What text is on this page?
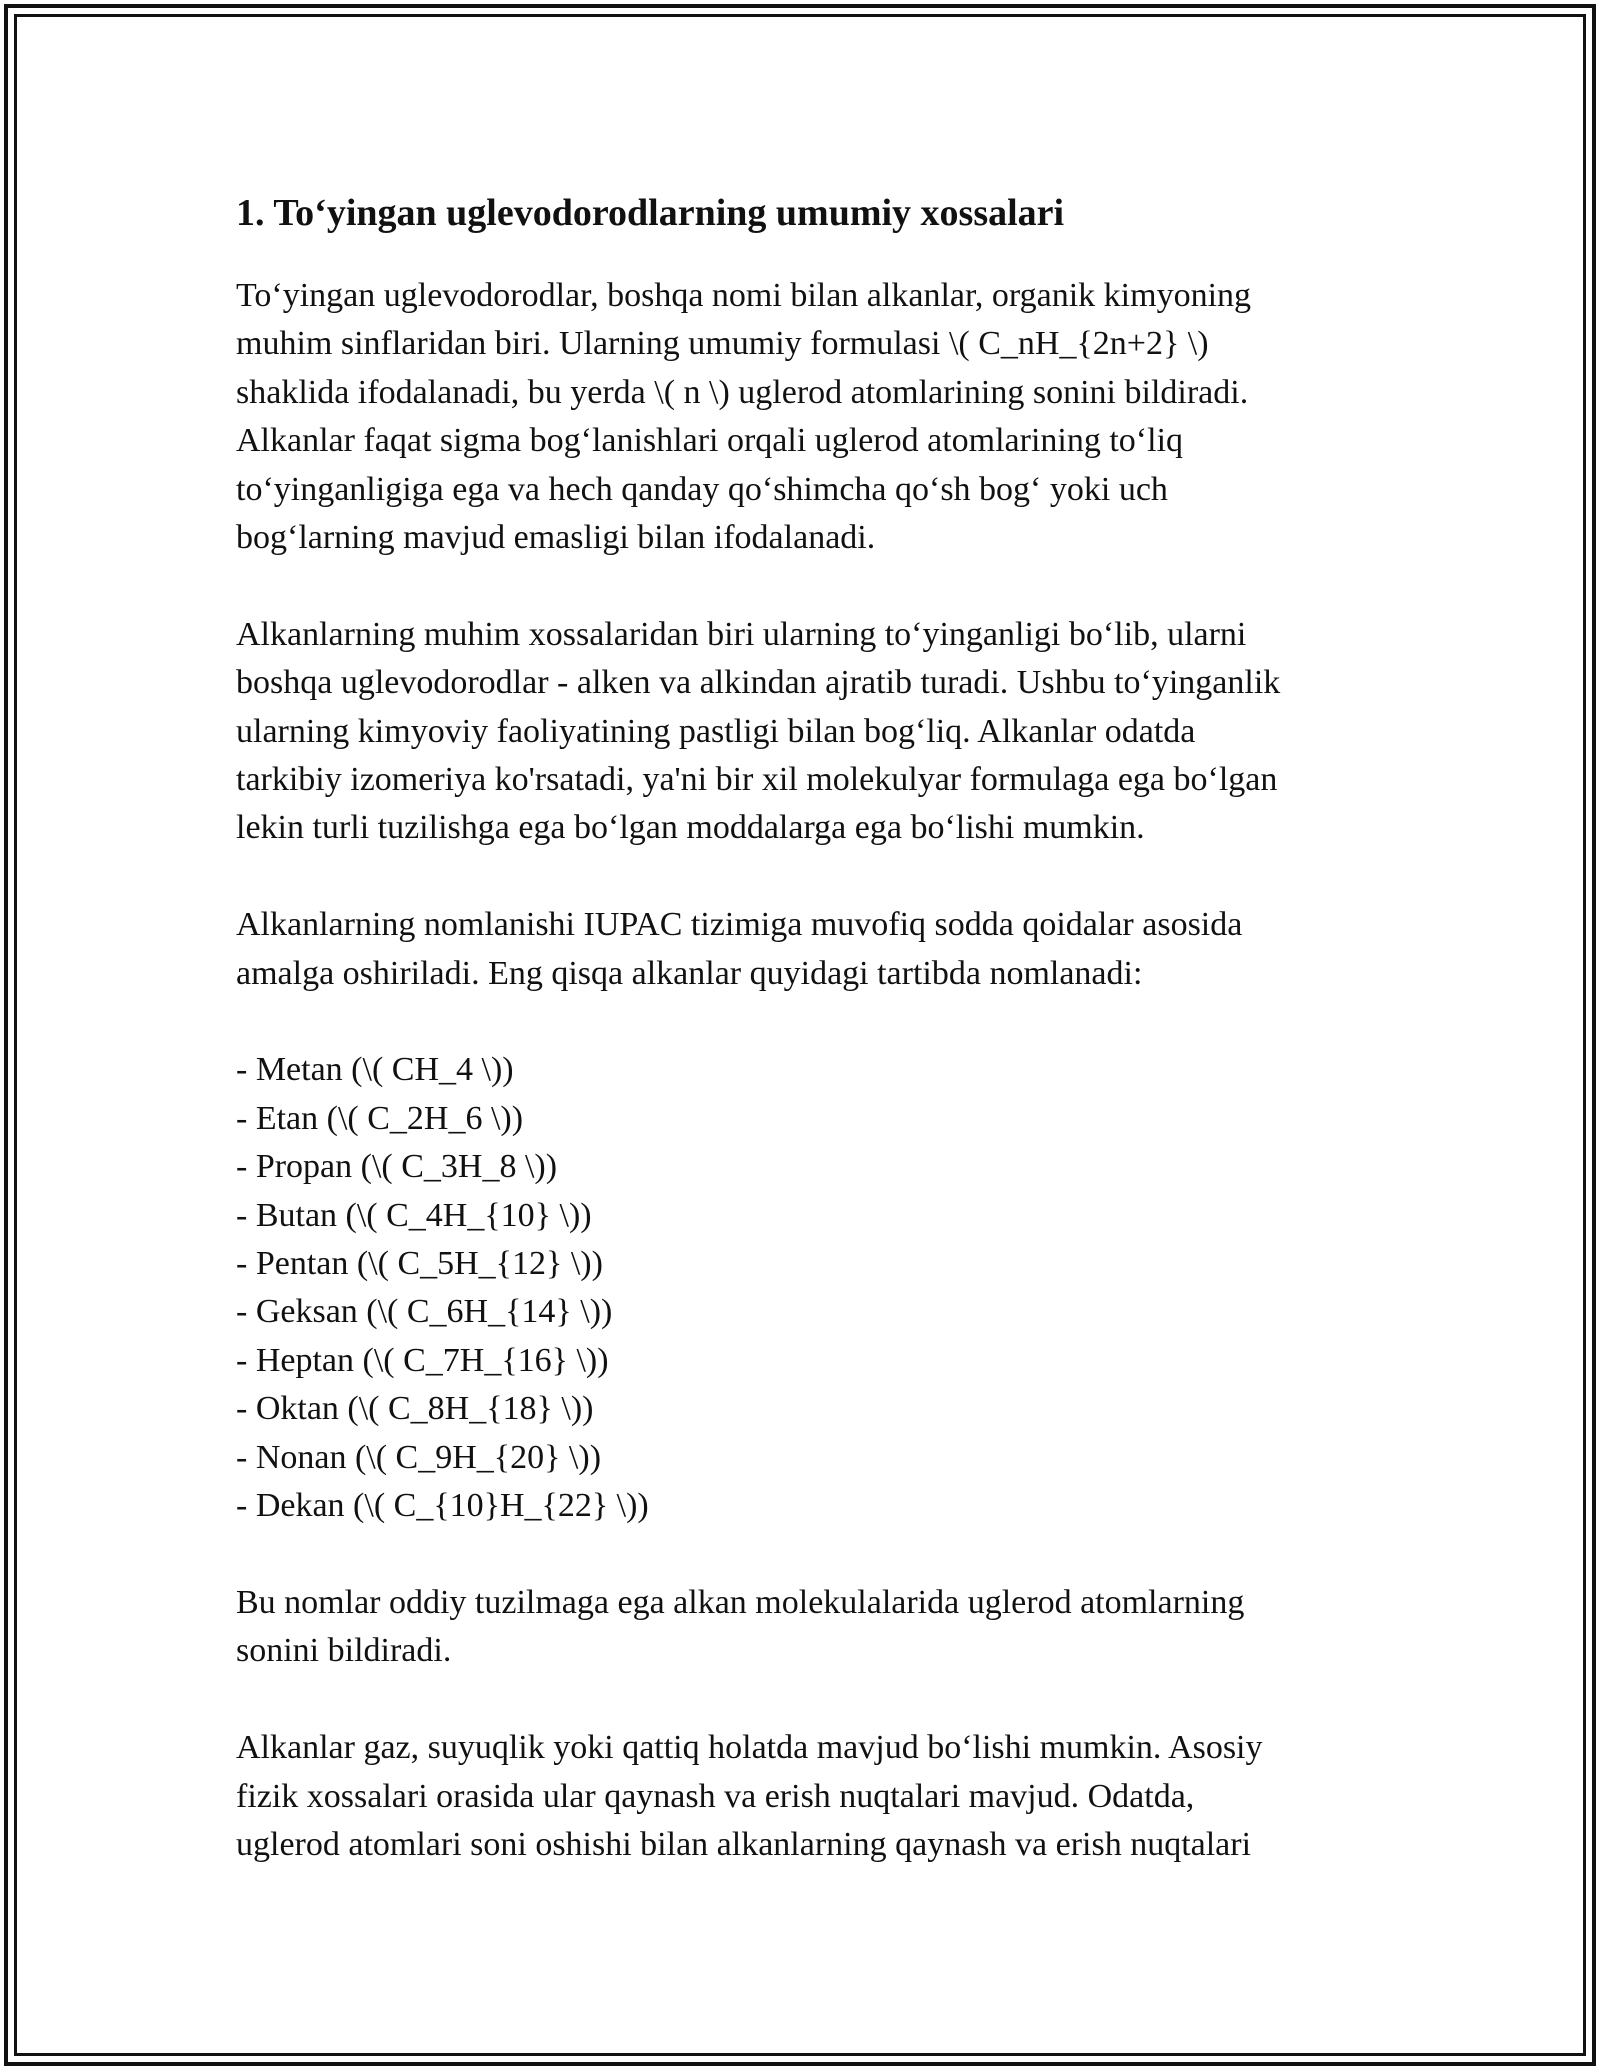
1. To‘yingan uglevodorodlarning umumiy xossalari

To‘yingan uglevodorodlar, boshqa nomi bilan alkanlar, organik kimyoning

muhim sinflaridan biri. Ularning umumiy formulasi \( C_nH_{2n+2} \)

shaklida ifodalanadi, bu yerda \( n \) uglerod atomlarining sonini bildiradi.

Alkanlar faqat sigma bog‘lanishlari orqali uglerod atomlarining to‘liq

to‘yinganligiga ega va hech qanday qo‘shimcha qo‘sh bog‘ yoki uch

bog‘larning mavjud emasligi bilan ifodalanadi.

Alkanlarning muhim xossalaridan biri ularning to‘yinganligi bo‘lib, ularni

boshqa uglevodorodlar - alken va alkindan ajratib turadi. Ushbu to‘yinganlik

ularning kimyoviy faoliyatining pastligi bilan bog‘liq. Alkanlar odatda

tarkibiy izomeriya ko'rsatadi, ya'ni bir xil molekulyar formulaga ega bo‘lgan

lekin turli tuzilishga ega bo‘lgan moddalarga ega bo‘lishi mumkin.

Alkanlarning nomlanishi IUPAC tizimiga muvofiq sodda qoidalar asosida

amalga oshiriladi. Eng qisqa alkanlar quyidagi tartibda nomlanadi:

- Metan (\( CH_4 \))
- Etan (\( C_2H_6 \))
- Propan (\( C_3H_8 \))
- Butan (\( C_4H_{10} \))
- Pentan (\( C_5H_{12} \))
- Geksan (\( C_6H_{14} \))
- Heptan (\( C_7H_{16} \))
- Oktan (\( C_8H_{18} \))
- Nonan (\( C_9H_{20} \))
- Dekan (\( C_{10}H_{22} \))

Bu nomlar oddiy tuzilmaga ega alkan molekulalarida uglerod atomlarning

sonini bildiradi.

Alkanlar gaz, suyuqlik yoki qattiq holatda mavjud bo‘lishi mumkin. Asosiy

fizik xossalari orasida ular qaynash va erish nuqtalari mavjud. Odatda,

uglerod atomlari soni oshishi bilan alkanlarning qaynash va erish nuqtalari
